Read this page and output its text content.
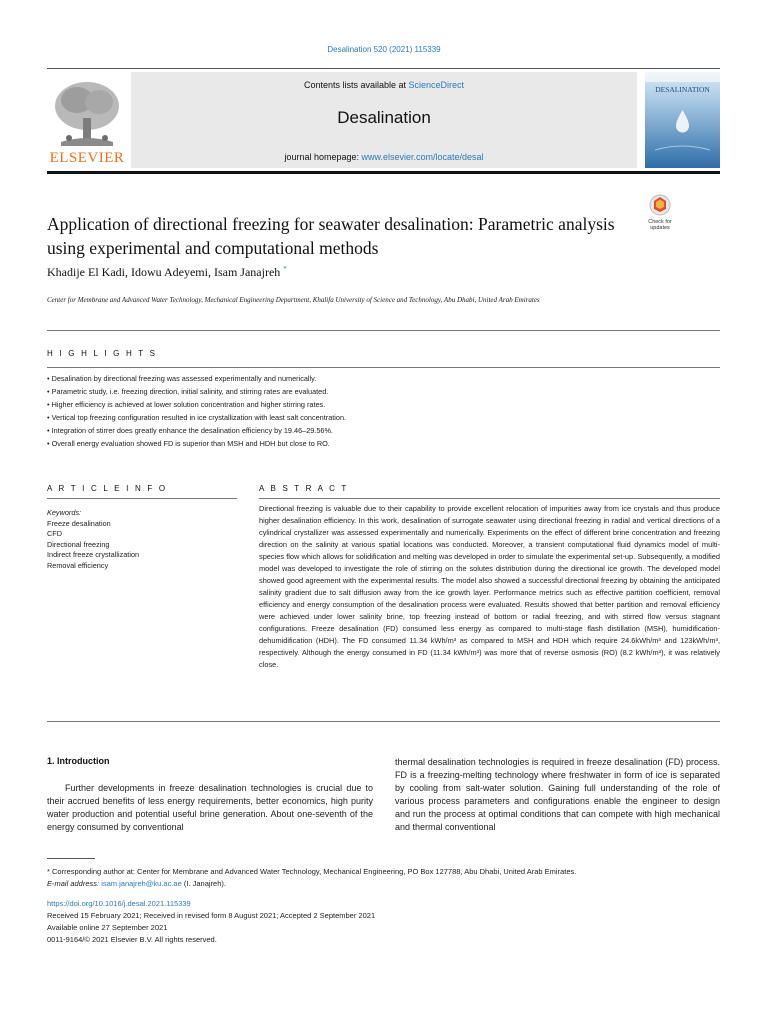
Desalination 520 (2021) 115339
ELSEVIER
Contents lists available at ScienceDirect
Desalination
journal homepage: www.elsevier.com/locate/desal
DESALINATION
Application of directional freezing for seawater desalination: Parametric analysis using experimental and computational methods
Check for
updates
Khadije El Kadi, Idowu Adeyemi, Isam Janajreh *
Center for Membrane and Advanced Water Technology, Mechanical Engineering Department, Khalifa University of Science and Technology, Abu Dhabi, United Arab Emirates
H I G H L I G H T S
• Desalination by directional freezing was assessed experimentally and numerically.
• Parametric study, i.e. freezing direction, initial salinity, and stirring rates are evaluated.
• Higher efficiency is achieved at lower solution concentration and higher stirring rates.
• Vertical top freezing configuration resulted in ice crystallization with least salt concentration.
• Integration of stirrer does greatly enhance the desalination efficiency by 19.46–29.56%.
• Overall energy evaluation showed FD is superior than MSH and HDH but close to RO.
A R T I C L E I N F O	A B S T R A C T
Keywords:
Freeze desalination
CFD
Directional freezing
Indirect freeze crystallization
Removal efficiency
Directional freezing is valuable due to their capability to provide excellent relocation of impurities away from ice crystals and thus produce higher desalination efficiency. In this work, desalination of surrogate seawater using directional freezing in radial and vertical directions of a cylindrical crystallizer was assessed experimentally and numerically. Experiments on the effect of different brine concentration and freezing direction on the salinity at various spatial locations was conducted. Moreover, a transient computational fluid dynamics model of multi-species flow which allows for solidification and melting was developed in order to simulate the experimental set-up. Subsequently, a modified model was developed to investigate the role of stirring on the solutes distribution during the directional ice growth. The developed model showed good agreement with the experimental results. The model also showed a successful directional freezing by obtaining the anticipated salinity gradient due to salt diffusion away from the ice growth layer. Performance metrics such as effective partition coefficient, removal efficiency and energy consumption of the desalination process were evaluated. Results showed that better partition and removal efficiency were achieved under lower salinity brine, top freezing instead of bottom or radial freezing, and with stirred flow versus stagnant configurations. Freeze desalination (FD) consumed less energy as compared to multi-stage flash distillation (MSH), humidification-dehumidification (HDH). The FD consumed 11.34 kWh/m³ as compared to MSH and HDH which require 24.6kWh/m³ and 123kWh/m³, respectively. Although the energy consumed in FD (11.34 kWh/m³) was more that of reverse osmosis (RO) (8.2 kWh/m³), it was relatively close.
1. Introduction
Further developments in freeze desalination technologies is crucial due to their accrued benefits of less energy requirements, better economics, high purity water production and potential useful brine generation. About one-seventh of the energy consumed by conventional
thermal desalination technologies is required in freeze desalination (FD) process. FD is a freezing-melting technology where freshwater in form of ice is separated by cooling from salt-water solution. Gaining full understanding of the role of various process parameters and configurations enable the engineer to design and run the process at optimal conditions that can compete with high mechanical and thermal conventional
* Corresponding author at: Center for Membrane and Advanced Water Technology, Mechanical Engineering, PO Box 127788, Abu Dhabi, United Arab Emirates.
E-mail address: isam.janajreh@ku.ac.ae (I. Janajreh).
https://doi.org/10.1016/j.desal.2021.115339
Received 15 February 2021; Received in revised form 8 August 2021; Accepted 2 September 2021
Available online 27 September 2021
0011-9164/© 2021 Elsevier B.V. All rights reserved.
